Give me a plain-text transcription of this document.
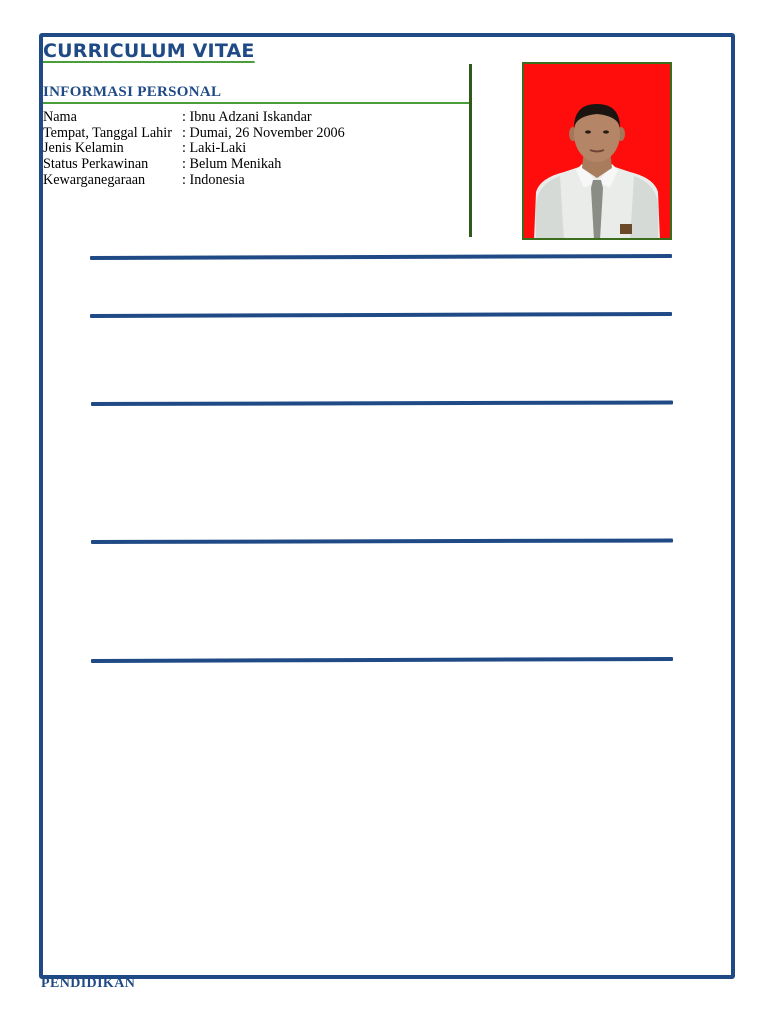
CURRICULUM VITAE
INFORMASI PERSONAL
Nama	: Ibnu Adzani Iskandar
Tempat, Tanggal Lahir : Dumai, 26 November 2006
Jenis Kelamin	: Laki-Laki
Status Perkawinan	: Belum Menikah
Kewarganegaraan	: Indonesia
PENDIDIKAN
